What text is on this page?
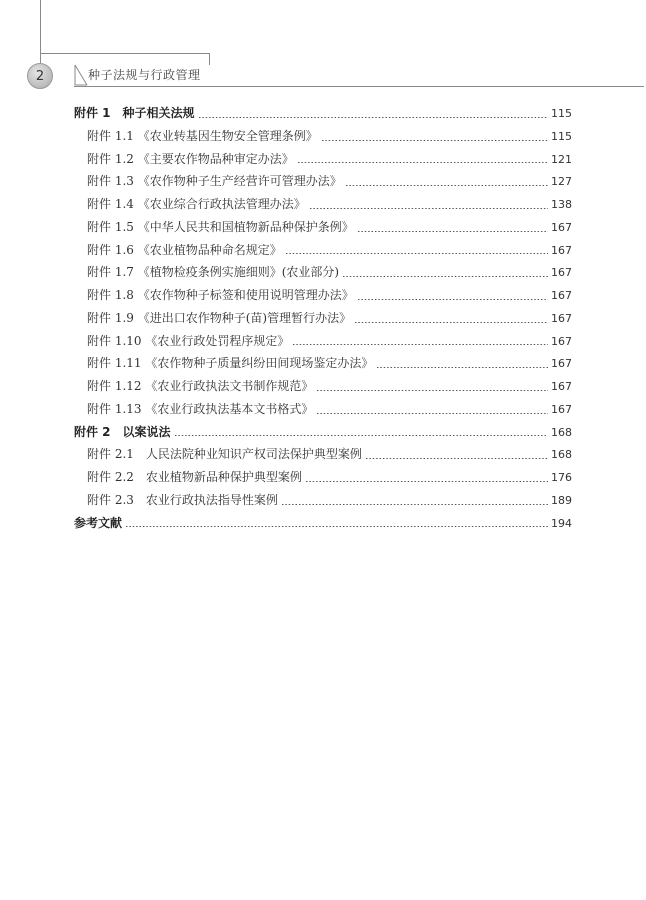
2	种子法规与行政管理
附件 1　种子相关法规	115
附件 1.1 《农业转基因生物安全管理条例》	115
附件 1.2 《主要农作物品种审定办法》	121
附件 1.3 《农作物种子生产经营许可管理办法》	127
附件 1.4 《农业综合行政执法管理办法》	138
附件 1.5 《中华人民共和国植物新品种保护条例》	167
附件 1.6 《农业植物品种命名规定》	167
附件 1.7 《植物检疫条例实施细则》(农业部分)	167
附件 1.8 《农作物种子标签和使用说明管理办法》	167
附件 1.9 《进出口农作物种子(苗)管理暂行办法》	167
附件 1.10 《农业行政处罚程序规定》	167
附件 1.11 《农作物种子质量纠纷田间现场鉴定办法》	167
附件 1.12 《农业行政执法文书制作规范》	167
附件 1.13 《农业行政执法基本文书格式》	167
附件 2　以案说法	168
附件 2.1　人民法院种业知识产权司法保护典型案例	168
附件 2.2　农业植物新品种保护典型案例	176
附件 2.3　农业行政执法指导性案例	189
参考文献	194
